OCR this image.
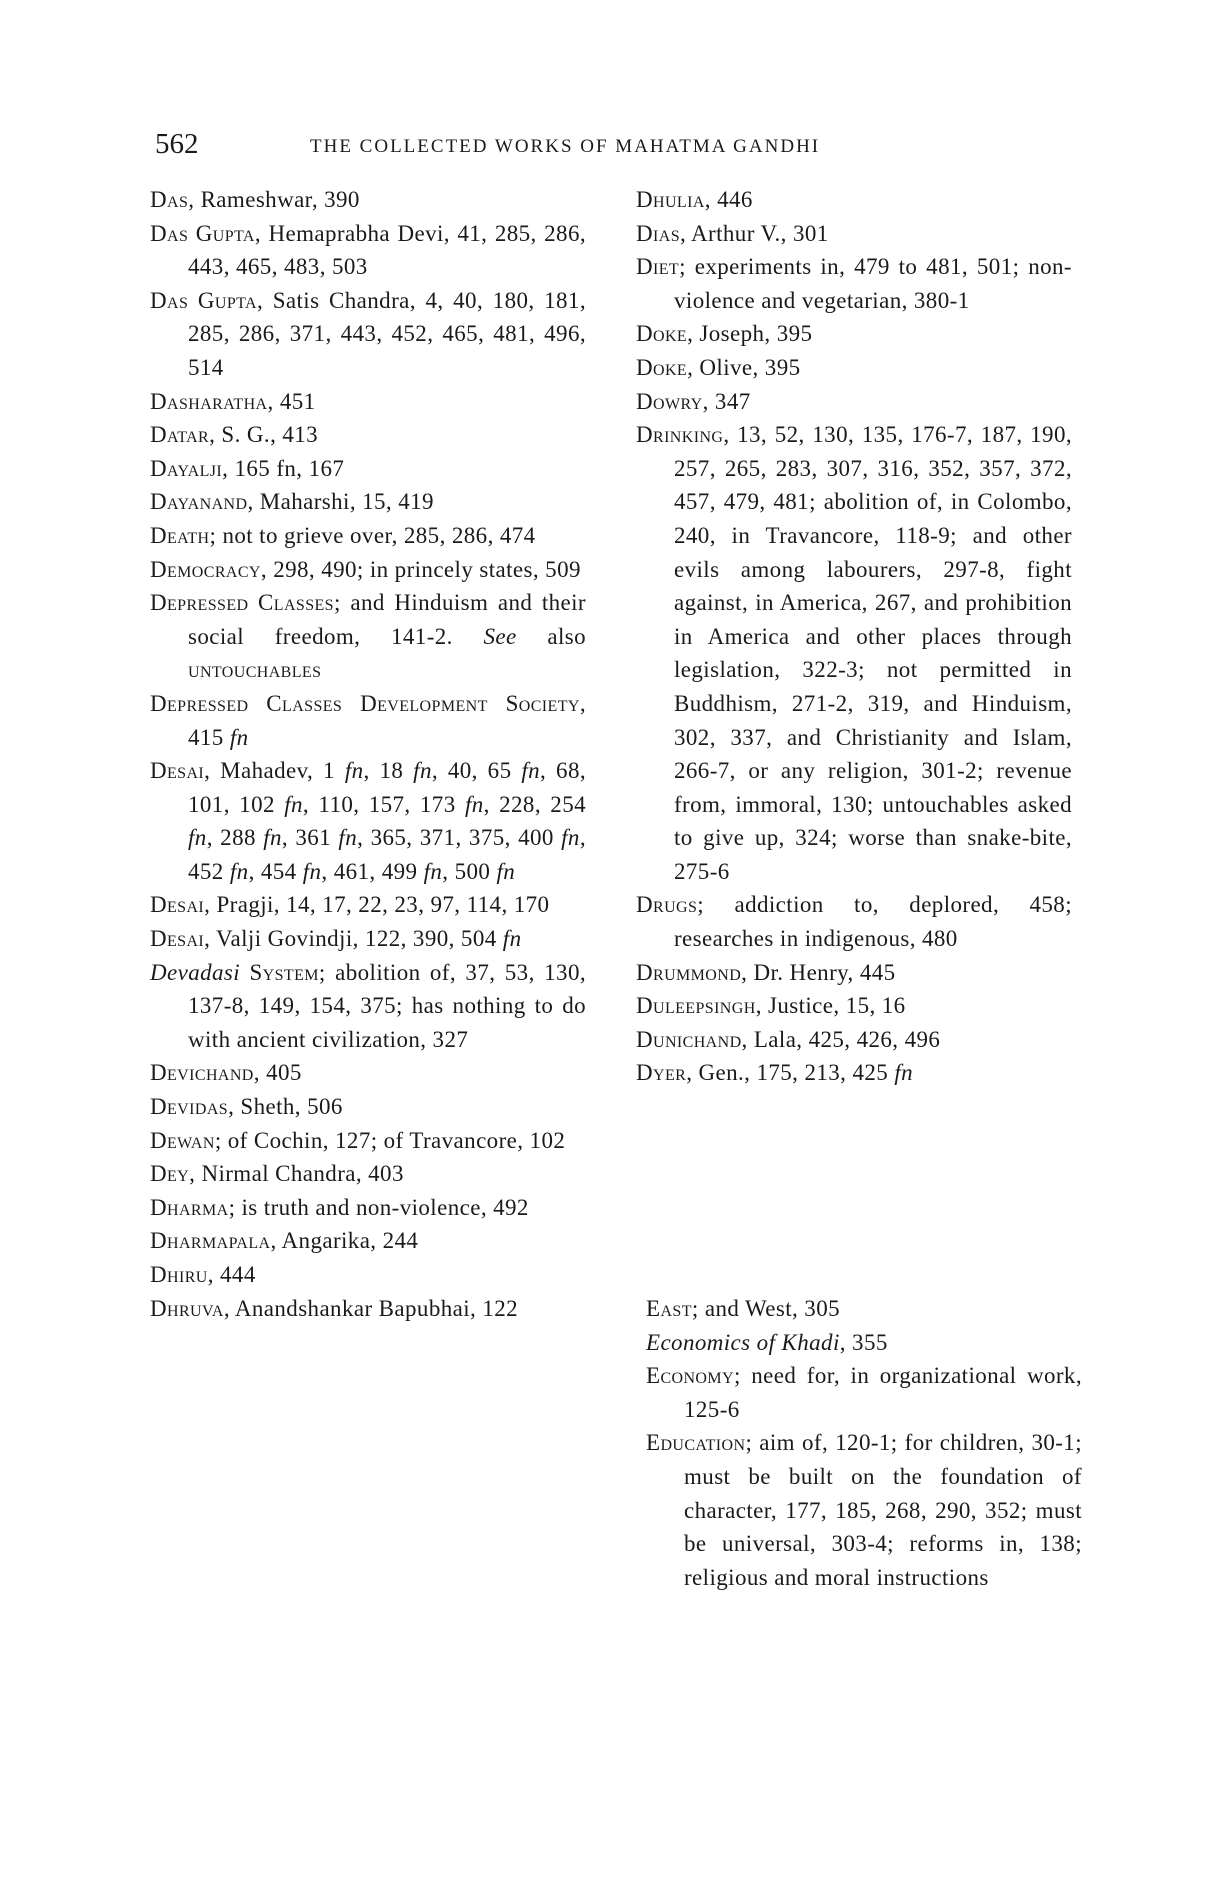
562	THE COLLECTED WORKS OF MAHATMA GANDHI
Das, Rameshwar, 390
Das Gupta, Hemaprabha Devi, 41, 285, 286, 443, 465, 483, 503
Das Gupta, Satis Chandra, 4, 40, 180, 181, 285, 286, 371, 443, 452, 465, 481, 496, 514
Dasharatha, 451
Datar, S. G., 413
Dayalji, 165 fn, 167
Dayanand, Maharshi, 15, 419
Death; not to grieve over, 285, 286, 474
Democracy, 298, 490; in princely states, 509
Depressed Classes; and Hinduism and their social freedom, 141-2. See also untouchables
Depressed Classes Development Society, 415 fn
Desai, Mahadev, 1 fn, 18 fn, 40, 65 fn, 68, 101, 102 fn, 110, 157, 173 fn, 228, 254 fn, 288 fn, 361 fn, 365, 371, 375, 400 fn, 452 fn, 454 fn, 461, 499 fn, 500 fn
Desai, Pragji, 14, 17, 22, 23, 97, 114, 170
Desai, Valji Govindji, 122, 390, 504 fn
Devadasi System; abolition of, 37, 53, 130, 137-8, 149, 154, 375; has nothing to do with ancient civilization, 327
Devichand, 405
Devidas, Sheth, 506
Dewan; of Cochin, 127; of Travancore, 102
Dey, Nirmal Chandra, 403
Dharma; is truth and non-violence, 492
Dharmapala, Angarika, 244
Dhiru, 444
Dhruva, Anandshankar Bapubhai, 122
Dhulia, 446
Dias, Arthur V., 301
Diet; experiments in, 479 to 481, 501; non-violence and vegetarian, 380-1
Doke, Joseph, 395
Doke, Olive, 395
Dowry, 347
Drinking, 13, 52, 130, 135, 176-7, 187, 190, 257, 265, 283, 307, 316, 352, 357, 372, 457, 479, 481; abolition of, in Colombo, 240, in Travancore, 118-9; and other evils among labourers, 297-8, fight against, in America, 267, and prohibition in America and other places through legislation, 322-3; not permitted in Buddhism, 271-2, 319, and Hinduism, 302, 337, and Christianity and Islam, 266-7, or any religion, 301-2; revenue from, immoral, 130; untouchables asked to give up, 324; worse than snake-bite, 275-6
Drugs; addiction to, deplored, 458; researches in indigenous, 480
Drummond, Dr. Henry, 445
Duleepsingh, Justice, 15, 16
Dunichand, Lala, 425, 426, 496
Dyer, Gen., 175, 213, 425 fn
East; and West, 305
Economics of Khadi, 355
Economy; need for, in organizational work, 125-6
Education; aim of, 120-1; for children, 30-1; must be built on the foundation of character, 177, 185, 268, 290, 352; must be universal, 303-4; reforms in, 138; religious and moral instructions
